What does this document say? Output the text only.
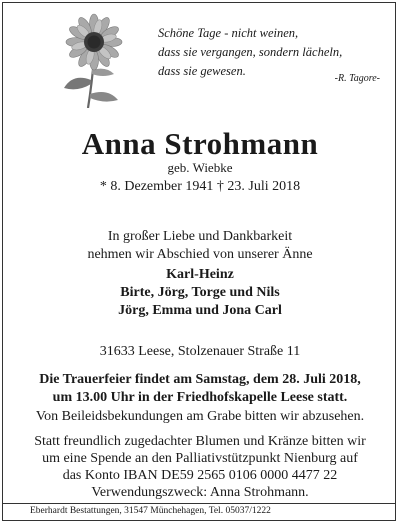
Schöne Tage - nicht weinen,
dass sie vergangen, sondern lächeln,
dass sie gewesen.
-R. Tagore-
Anna Strohmann
geb. Wiebke
* 8. Dezember 1941 † 23. Juli 2018
In großer Liebe und Dankbarkeit
nehmen wir Abschied von unserer Änne
Karl-Heinz
Birte, Jörg, Torge und Nils
Jörg, Emma und Jona Carl
31633 Leese, Stolzenauer Straße 11
Die Trauerfeier findet am Samstag, dem 28. Juli 2018,
um 13.00 Uhr in der Friedhofskapelle Leese statt.
Von Beileidsbekundungen am Grabe bitten wir abzusehen.
Statt freundlich zugedachter Blumen und Kränze bitten wir
um eine Spende an den Palliativstützpunkt Nienburg auf
das Konto IBAN DE59 2565 0106 0000 4477 22
Verwendungszweck: Anna Strohmann.
Eberhardt Bestattungen, 31547 Münchehagen, Tel. 05037/1222
